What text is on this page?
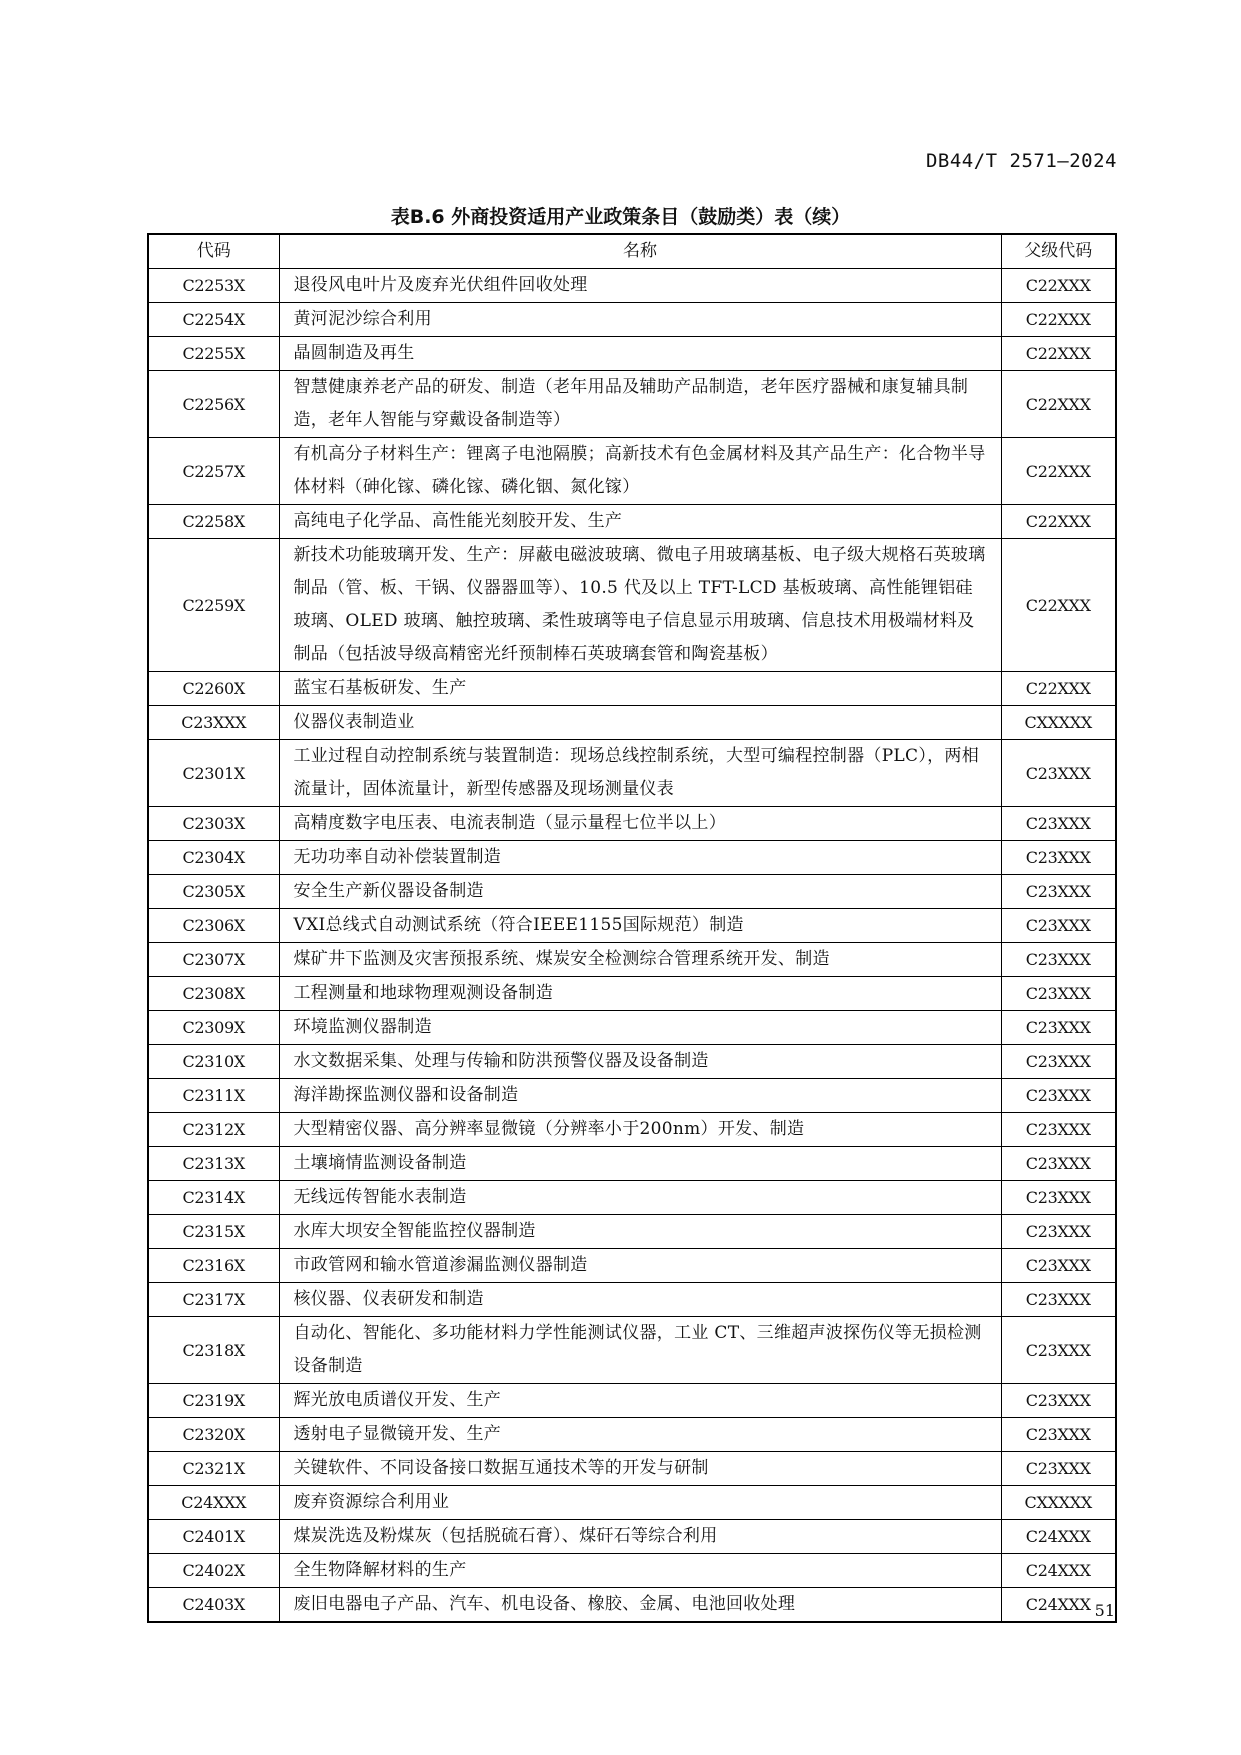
DB44/T 2571—2024
表B.6 外商投资适用产业政策条目（鼓励类）表（续）
代码	名称	父级代码
C2253X	退役风电叶片及废弃光伏组件回收处理	C22XXX
C2254X	黄河泥沙综合利用	C22XXX
C2255X	晶圆制造及再生	C22XXX
C2256X	智慧健康养老产品的研发、制造（老年用品及辅助产品制造，老年医疗器械和康复辅具制造，老年人智能与穿戴设备制造等）	C22XXX
C2257X	有机高分子材料生产：锂离子电池隔膜；高新技术有色金属材料及其产品生产：化合物半导体材料（砷化镓、磷化镓、磷化铟、氮化镓）	C22XXX
C2258X	高纯电子化学品、高性能光刻胶开发、生产	C22XXX
C2259X	新技术功能玻璃开发、生产：屏蔽电磁波玻璃、微电子用玻璃基板、电子级大规格石英玻璃制品（管、板、干锅、仪器器皿等）、10.5 代及以上 TFT-LCD 基板玻璃、高性能锂铝硅玻璃、OLED 玻璃、触控玻璃、柔性玻璃等电子信息显示用玻璃、信息技术用极端材料及制品（包括波导级高精密光纤预制棒石英玻璃套管和陶瓷基板）	C22XXX
C2260X	蓝宝石基板研发、生产	C22XXX
C23XXX	仪器仪表制造业	CXXXXX
C2301X	工业过程自动控制系统与装置制造：现场总线控制系统，大型可编程控制器（PLC），两相流量计，固体流量计，新型传感器及现场测量仪表	C23XXX
C2303X	高精度数字电压表、电流表制造（显示量程七位半以上）	C23XXX
C2304X	无功功率自动补偿装置制造	C23XXX
C2305X	安全生产新仪器设备制造	C23XXX
C2306X	VXI总线式自动测试系统（符合IEEE1155国际规范）制造	C23XXX
C2307X	煤矿井下监测及灾害预报系统、煤炭安全检测综合管理系统开发、制造	C23XXX
C2308X	工程测量和地球物理观测设备制造	C23XXX
C2309X	环境监测仪器制造	C23XXX
C2310X	水文数据采集、处理与传输和防洪预警仪器及设备制造	C23XXX
C2311X	海洋勘探监测仪器和设备制造	C23XXX
C2312X	大型精密仪器、高分辨率显微镜（分辨率小于200nm）开发、制造	C23XXX
C2313X	土壤墒情监测设备制造	C23XXX
C2314X	无线远传智能水表制造	C23XXX
C2315X	水库大坝安全智能监控仪器制造	C23XXX
C2316X	市政管网和输水管道渗漏监测仪器制造	C23XXX
C2317X	核仪器、仪表研发和制造	C23XXX
C2318X	自动化、智能化、多功能材料力学性能测试仪器，工业 CT、三维超声波探伤仪等无损检测设备制造	C23XXX
C2319X	辉光放电质谱仪开发、生产	C23XXX
C2320X	透射电子显微镜开发、生产	C23XXX
C2321X	关键软件、不同设备接口数据互通技术等的开发与研制	C23XXX
C24XXX	废弃资源综合利用业	CXXXXX
C2401X	煤炭洗选及粉煤灰（包括脱硫石膏）、煤矸石等综合利用	C24XXX
C2402X	全生物降解材料的生产	C24XXX
C2403X	废旧电器电子产品、汽车、机电设备、橡胶、金属、电池回收处理	C24XXX 51
